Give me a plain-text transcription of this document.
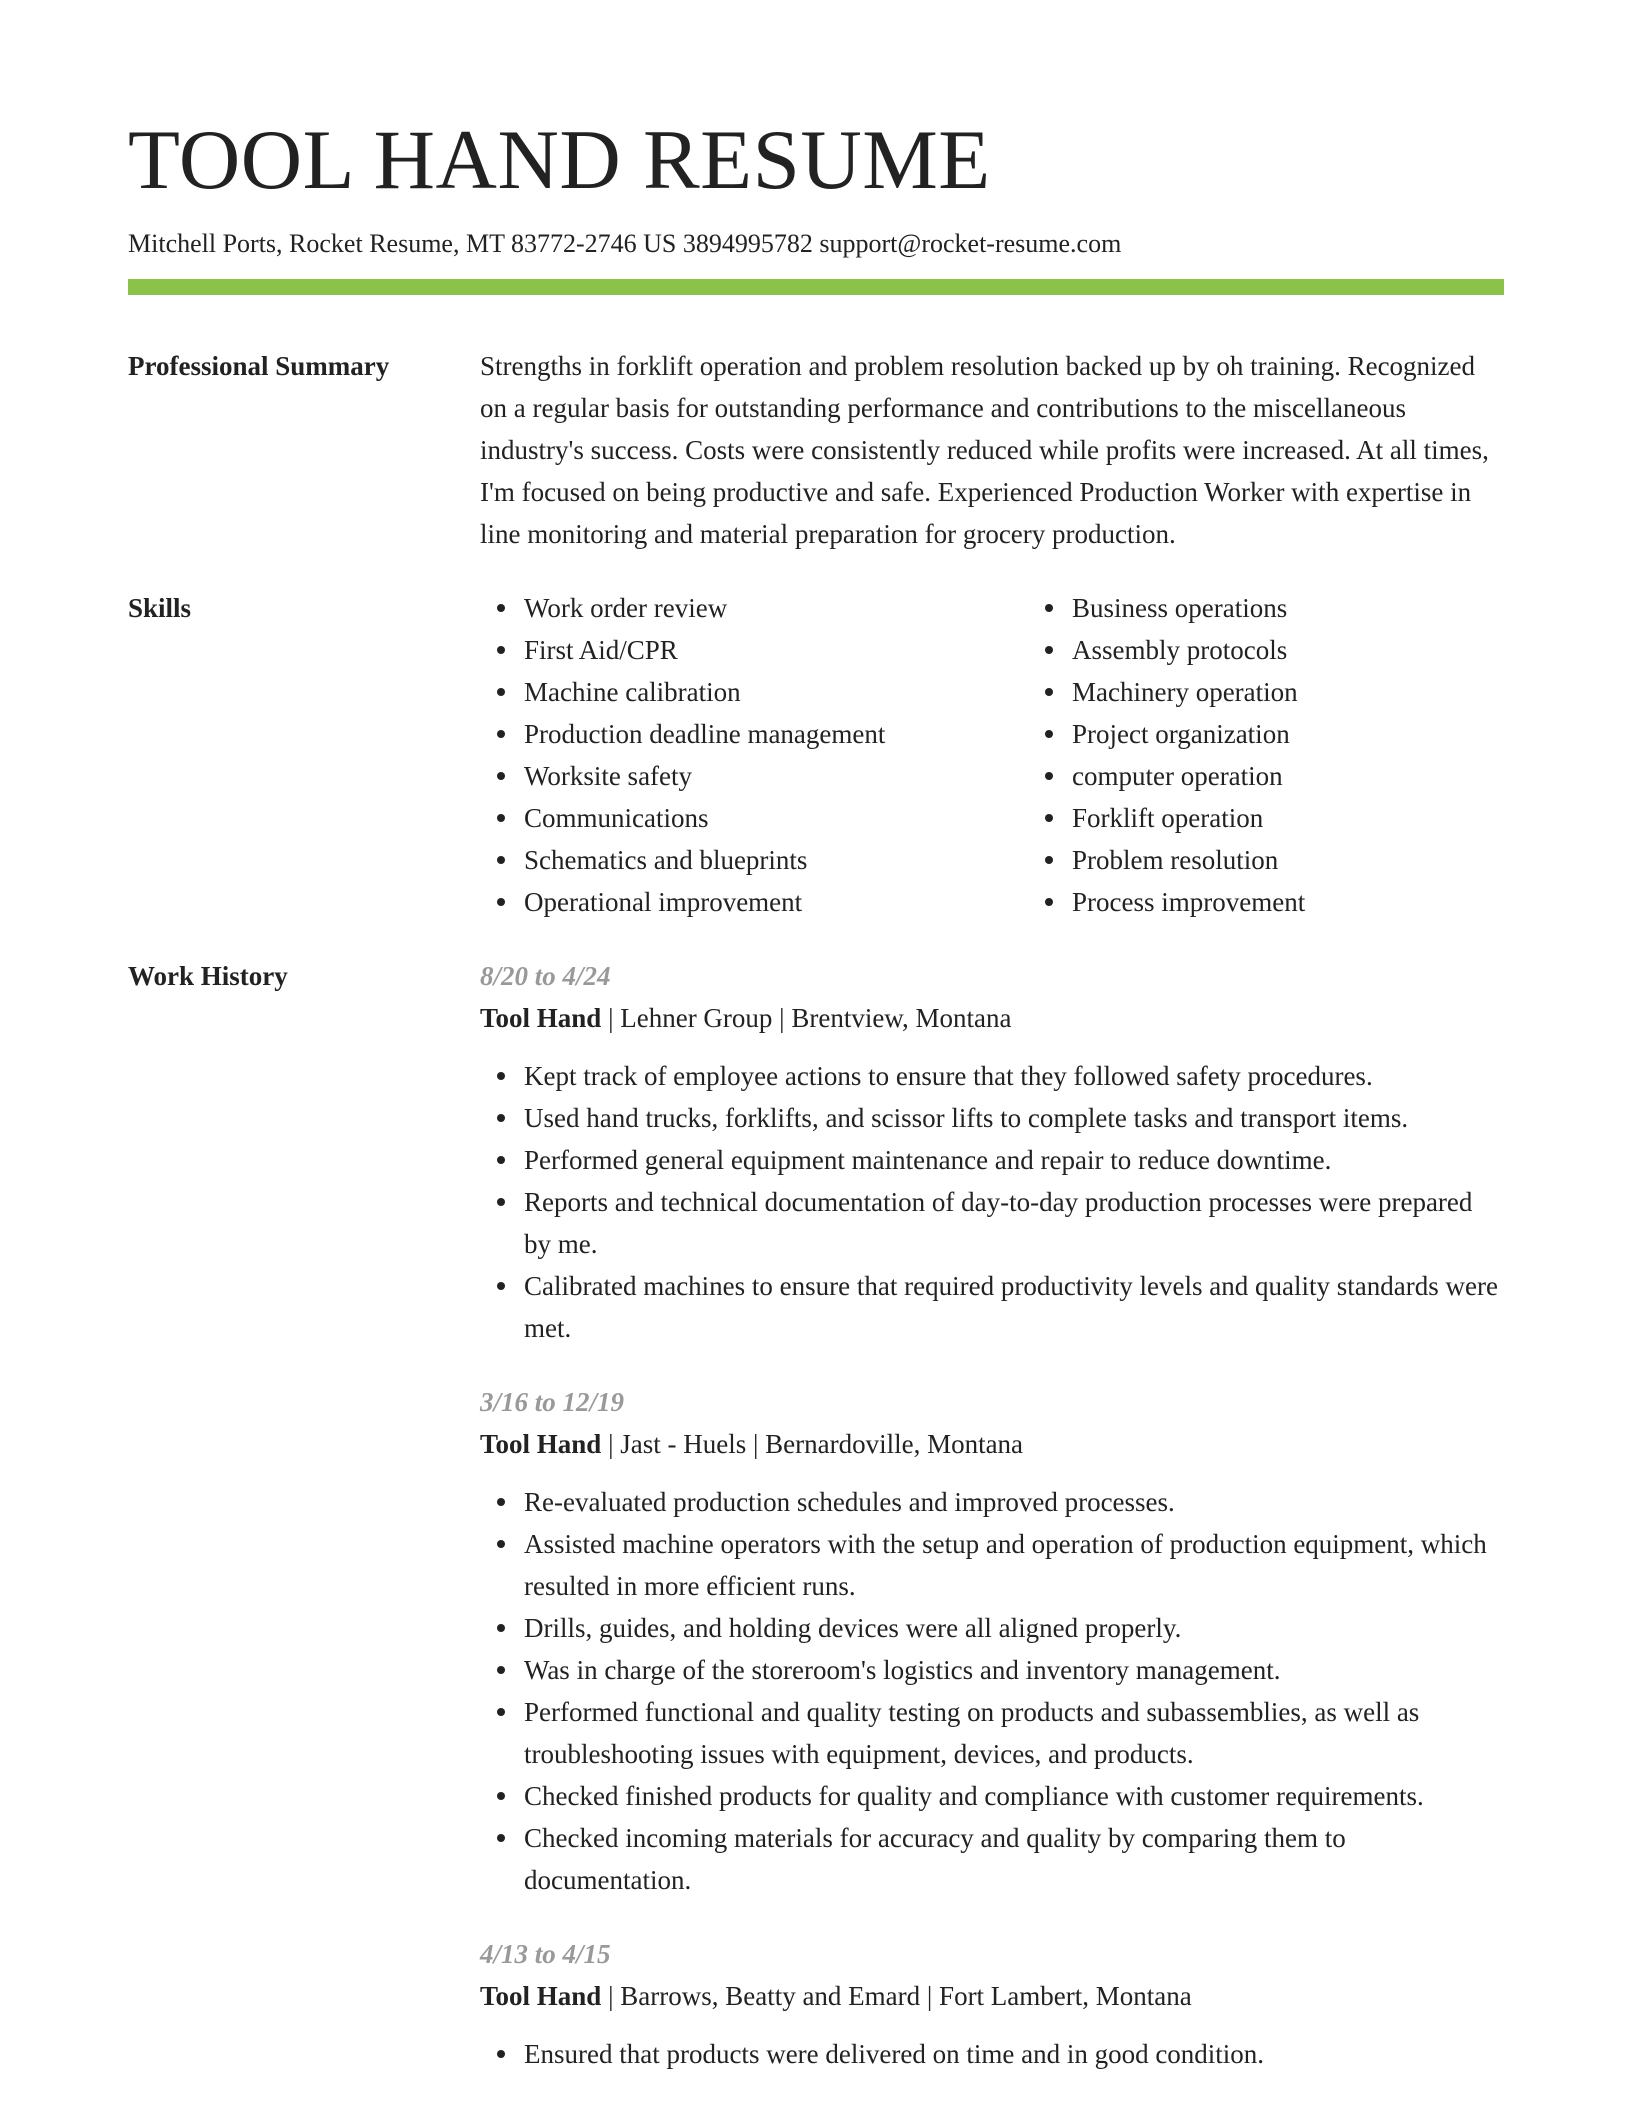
TOOL HAND RESUME
Mitchell Ports, Rocket Resume, MT 83772-2746 US 3894995782 support@rocket-resume.com
Professional Summary	Strengths in forklift operation and problem resolution backed up by oh training. Recognized on a regular basis for outstanding performance and contributions to the miscellaneous industry's success. Costs were consistently reduced while profits were increased. At all times, I'm focused on being productive and safe. Experienced Production Worker with expertise in line monitoring and material preparation for grocery production.
Skills	Work order review
First Aid/CPR
Machine calibration
Production deadline management
Worksite safety
Communications
Schematics and blueprints
Operational improvement
Business operations
Assembly protocols
Machinery operation
Project organization
computer operation
Forklift operation
Problem resolution
Process improvement
Work History	8/20 to 4/24
Tool Hand | Lehner Group | Brentview, Montana
Kept track of employee actions to ensure that they followed safety procedures.
Used hand trucks, forklifts, and scissor lifts to complete tasks and transport items.
Performed general equipment maintenance and repair to reduce downtime.
Reports and technical documentation of day-to-day production processes were prepared by me.
Calibrated machines to ensure that required productivity levels and quality standards were met.
3/16 to 12/19
Tool Hand | Jast - Huels | Bernardoville, Montana
Re-evaluated production schedules and improved processes.
Assisted machine operators with the setup and operation of production equipment, which resulted in more efficient runs.
Drills, guides, and holding devices were all aligned properly.
Was in charge of the storeroom's logistics and inventory management.
Performed functional and quality testing on products and subassemblies, as well as troubleshooting issues with equipment, devices, and products.
Checked finished products for quality and compliance with customer requirements.
Checked incoming materials for accuracy and quality by comparing them to documentation.
4/13 to 4/15
Tool Hand | Barrows, Beatty and Emard | Fort Lambert, Montana
Ensured that products were delivered on time and in good condition.
